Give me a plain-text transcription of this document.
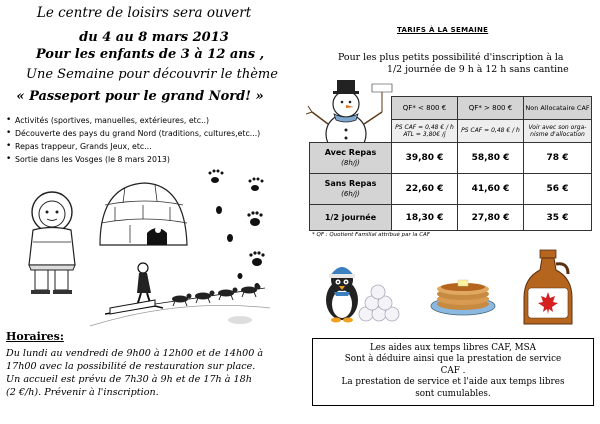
Le centre de loisirs sera ouvert
du 4 au 8 mars 2013
Pour les enfants de 3 à 12 ans ,
Une Semaine pour découvrir le thème
« Passeport pour le grand Nord! »
• Activités (sportives, manuelles, extérieures, etc..)
• Découverte des pays du grand Nord (traditions, cultures,etc...)
• Repas trappeur, Grands Jeux, etc...
• Sortie dans les Vosges (le 8 mars 2013)
Horaires:
Du lundi au vendredi de 9h00 à 12h00 et de 14h00 à
17h00 avec la possibilité de restauration sur place.
Un accueil est prévu de 7h30 à 9h et de 17h à 18h
(2 €/h). Prévenir à l'inscription.
TARIFS À LA SEMAINE
Pour les plus petits possibilité d'inscription à la
1/2 journée de 9 h à 12 h sans cantine
	QF* < 800 €	QF* > 800 €	Non Allocataire CAF
	PS CAF = 0,48 € / h ATL = 3,80€ /j	PS CAF = 0,48 € / h	Voir avec son orga-nisme d'allocation

Avec Repas
(8h/j)	39,80 €	58,80 €	78 €

Sans Repas
(6h/j)	22,60 €	41,60 €	56 €
1/2 journée	18,30 €	27,80 €	35 €
* QF : Quotient Familial attribué par la CAF
Les aides aux temps libres CAF, MSA
Sont à déduire ainsi que la prestation de service
CAF .
La prestation de service et l'aide aux temps libres
sont cumulables.
